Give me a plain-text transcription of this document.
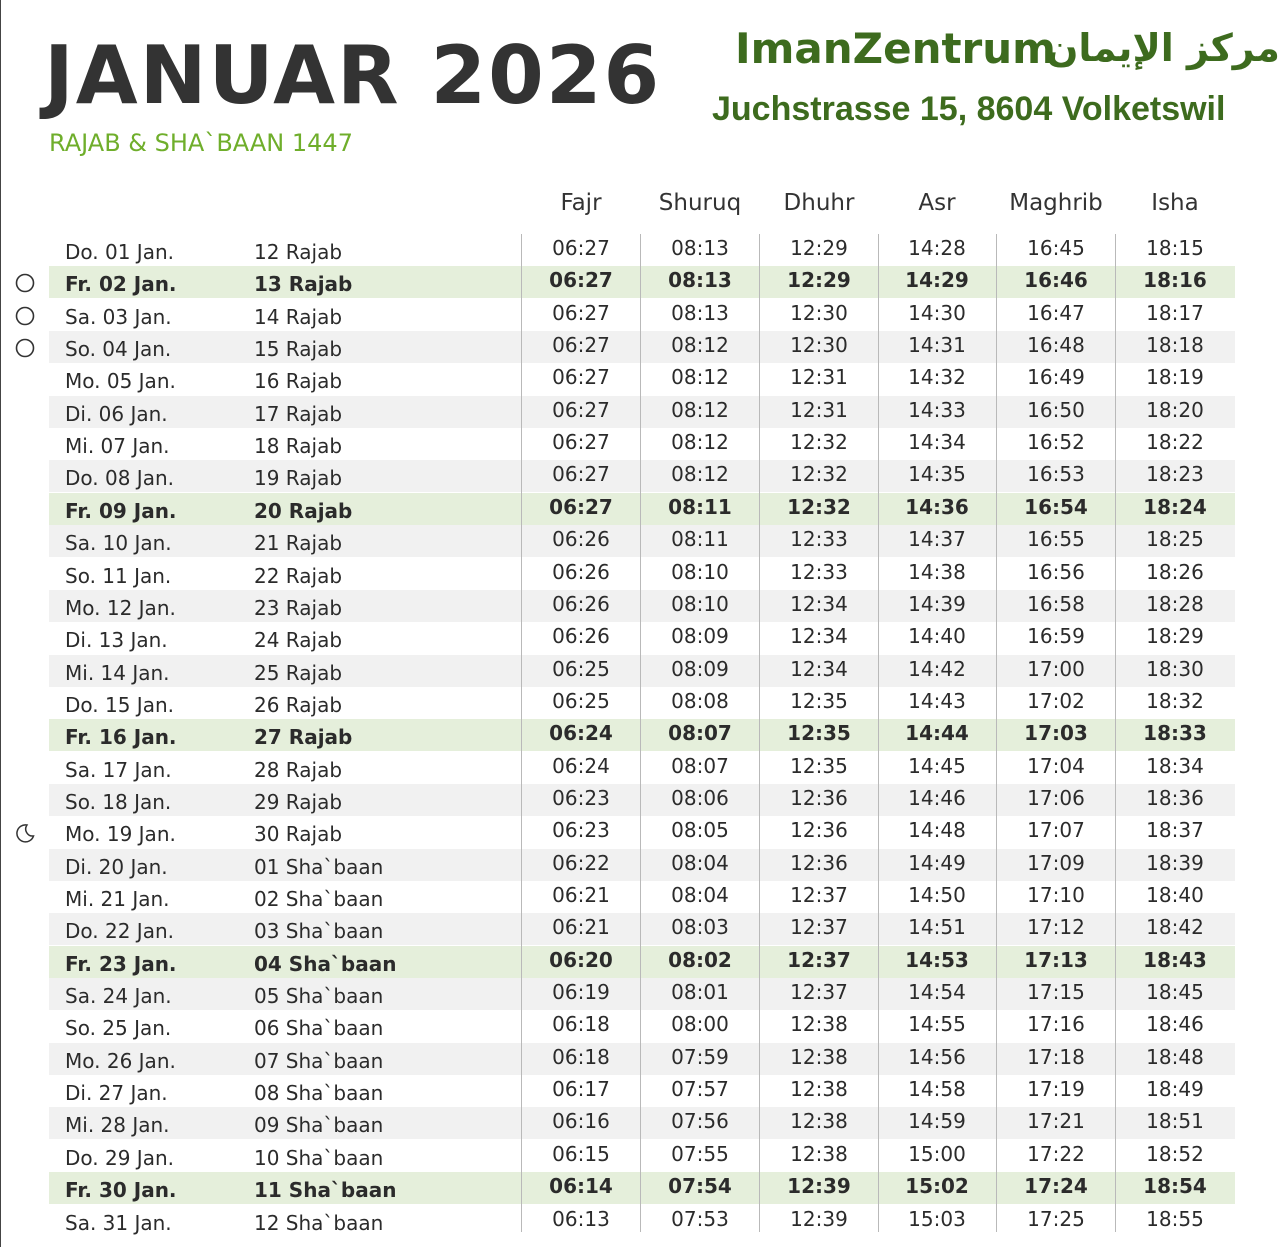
JANUAR 2026
RAJAB & SHA`BAAN 1447
ImanZentrum
مركز الإيمان
Juchstrasse 15, 8604 Volketswil
Fajr	Shuruq	Dhuhr	Asr	Maghrib	Isha
Do. 01 Jan.	12 Rajab	06:27	08:13	12:29	14:28	16:45	18:15
Fr. 02 Jan.	13 Rajab	06:27	08:13	12:29	14:29	16:46	18:16
Sa. 03 Jan.	14 Rajab	06:27	08:13	12:30	14:30	16:47	18:17
So. 04 Jan.	15 Rajab	06:27	08:12	12:30	14:31	16:48	18:18
Mo. 05 Jan.	16 Rajab	06:27	08:12	12:31	14:32	16:49	18:19
Di. 06 Jan.	17 Rajab	06:27	08:12	12:31	14:33	16:50	18:20
Mi. 07 Jan.	18 Rajab	06:27	08:12	12:32	14:34	16:52	18:22
Do. 08 Jan.	19 Rajab	06:27	08:12	12:32	14:35	16:53	18:23
Fr. 09 Jan.	20 Rajab	06:27	08:11	12:32	14:36	16:54	18:24
Sa. 10 Jan.	21 Rajab	06:26	08:11	12:33	14:37	16:55	18:25
So. 11 Jan.	22 Rajab	06:26	08:10	12:33	14:38	16:56	18:26
Mo. 12 Jan.	23 Rajab	06:26	08:10	12:34	14:39	16:58	18:28
Di. 13 Jan.	24 Rajab	06:26	08:09	12:34	14:40	16:59	18:29
Mi. 14 Jan.	25 Rajab	06:25	08:09	12:34	14:42	17:00	18:30
Do. 15 Jan.	26 Rajab	06:25	08:08	12:35	14:43	17:02	18:32
Fr. 16 Jan.	27 Rajab	06:24	08:07	12:35	14:44	17:03	18:33
Sa. 17 Jan.	28 Rajab	06:24	08:07	12:35	14:45	17:04	18:34
So. 18 Jan.	29 Rajab	06:23	08:06	12:36	14:46	17:06	18:36
Mo. 19 Jan.	30 Rajab	06:23	08:05	12:36	14:48	17:07	18:37
Di. 20 Jan.	01 Sha`baan	06:22	08:04	12:36	14:49	17:09	18:39
Mi. 21 Jan.	02 Sha`baan	06:21	08:04	12:37	14:50	17:10	18:40
Do. 22 Jan.	03 Sha`baan	06:21	08:03	12:37	14:51	17:12	18:42
Fr. 23 Jan.	04 Sha`baan	06:20	08:02	12:37	14:53	17:13	18:43
Sa. 24 Jan.	05 Sha`baan	06:19	08:01	12:37	14:54	17:15	18:45
So. 25 Jan.	06 Sha`baan	06:18	08:00	12:38	14:55	17:16	18:46
Mo. 26 Jan.	07 Sha`baan	06:18	07:59	12:38	14:56	17:18	18:48
Di. 27 Jan.	08 Sha`baan	06:17	07:57	12:38	14:58	17:19	18:49
Mi. 28 Jan.	09 Sha`baan	06:16	07:56	12:38	14:59	17:21	18:51
Do. 29 Jan.	10 Sha`baan	06:15	07:55	12:38	15:00	17:22	18:52
Fr. 30 Jan.	11 Sha`baan	06:14	07:54	12:39	15:02	17:24	18:54
Sa. 31 Jan.	12 Sha`baan	06:13	07:53	12:39	15:03	17:25	18:55
